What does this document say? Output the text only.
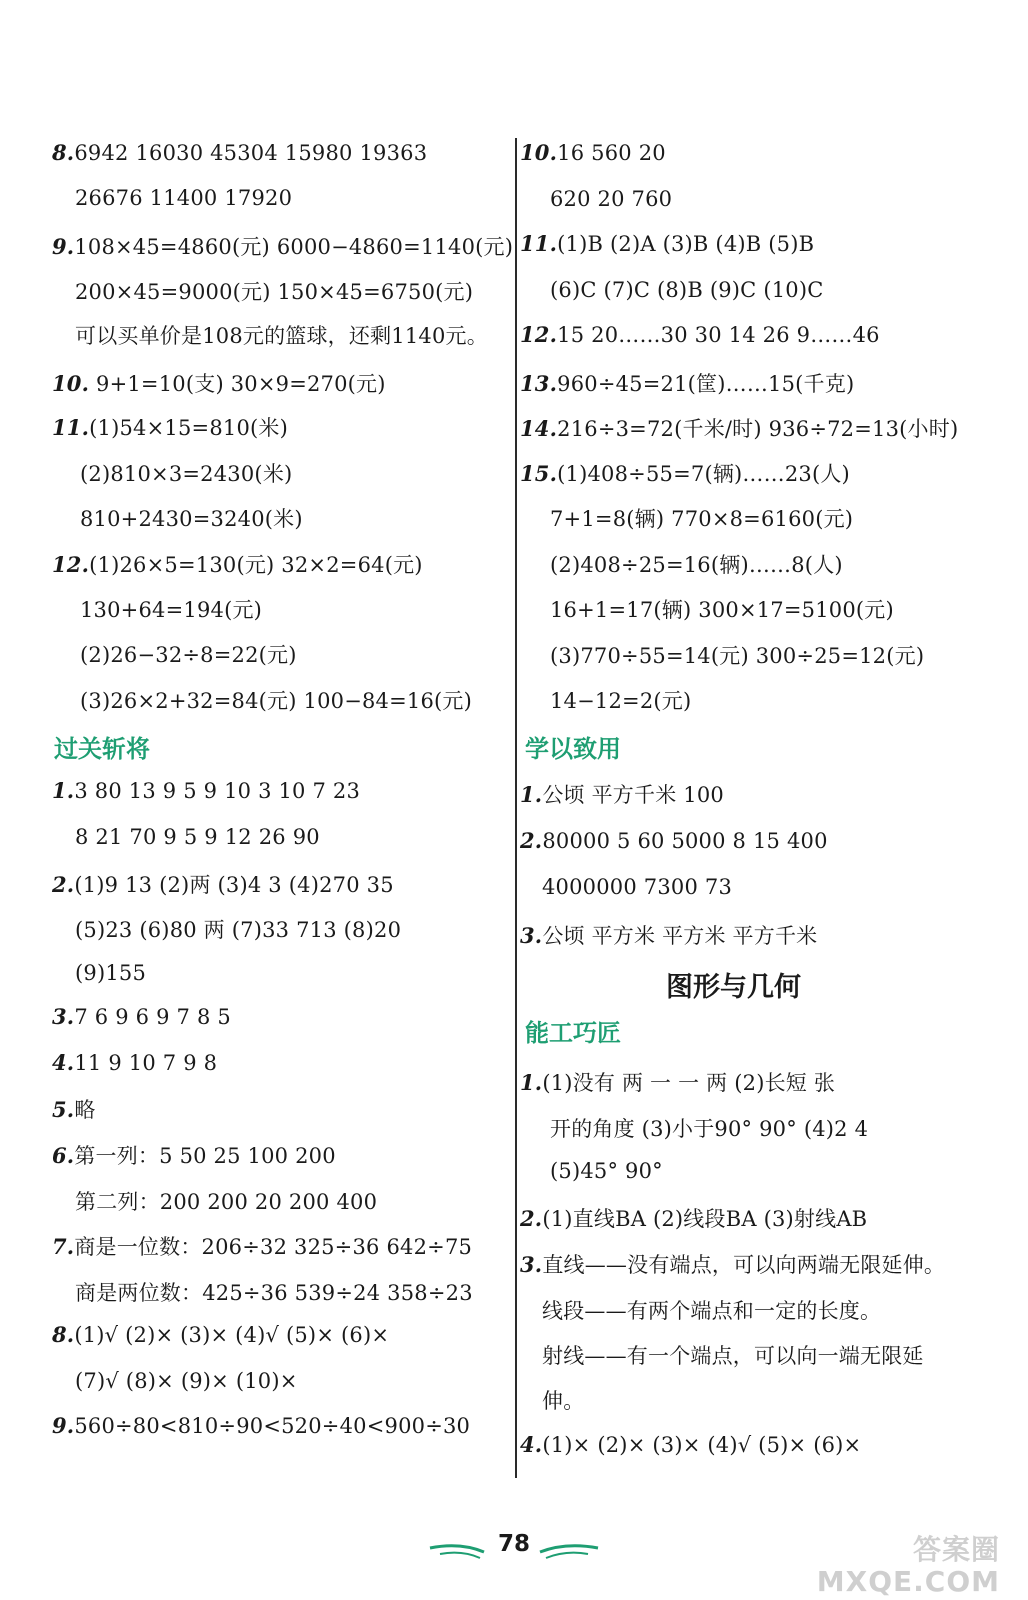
8.6942 16030 45304 15980 19363
26676 11400 17920
9.108×45=4860(元) 6000−4860=1140(元)
200×45=9000(元) 150×45=6750(元)
可以买单价是108元的篮球，还剩1140元。
10. 9+1=10(支) 30×9=270(元)
11.(1)54×15=810(米)
(2)810×3=2430(米)
810+2430=3240(米)
12.(1)26×5=130(元) 32×2=64(元)
130+64=194(元)
(2)26−32÷8=22(元)
(3)26×2+32=84(元) 100−84=16(元)
过关斩将
1.3 80 13 9 5 9 10 3 10 7 23
8 21 70 9 5 9 12 26 90
2.(1)9 13 (2)两 (3)4 3 (4)270 35
(5)23 (6)80 两 (7)33 713 (8)20
(9)155
3.7 6 9 6 9 7 8 5
4.11 9 10 7 9 8
5.略
6.第一列：5 50 25 100 200
第二列：200 200 20 200 400
7.商是一位数：206÷32 325÷36 642÷75
商是两位数：425÷36 539÷24 358÷23
8.(1)√ (2)× (3)× (4)√ (5)× (6)×
(7)√ (8)× (9)× (10)×
9.560÷80<810÷90<520÷40<900÷30
10.16 560 20
620 20 760
11.(1)B (2)A (3)B (4)B (5)B
(6)C (7)C (8)B (9)C (10)C
12.15 20……30 30 14 26 9……46
13.960÷45=21(筐)……15(千克)
14.216÷3=72(千米/时) 936÷72=13(小时)
15.(1)408÷55=7(辆)……23(人)
7+1=8(辆) 770×8=6160(元)
(2)408÷25=16(辆)……8(人)
16+1=17(辆) 300×17=5100(元)
(3)770÷55=14(元) 300÷25=12(元)
14−12=2(元)
学以致用
1.公顷 平方千米 100
2.80000 5 60 5000 8 15 400
4000000 7300 73
3.公顷 平方米 平方米 平方千米
图形与几何
能工巧匠
1.(1)没有 两 一 一 两 (2)长短 张
开的角度 (3)小于90° 90° (4)2 4
(5)45° 90°
2.(1)直线BA (2)线段BA (3)射线AB
3.直线——没有端点，可以向两端无限延伸。
线段——有两个端点和一定的长度。
射线——有一个端点，可以向一端无限延
伸。
4.(1)× (2)× (3)× (4)√ (5)× (6)×
78	答案圈
MXQE.COM
